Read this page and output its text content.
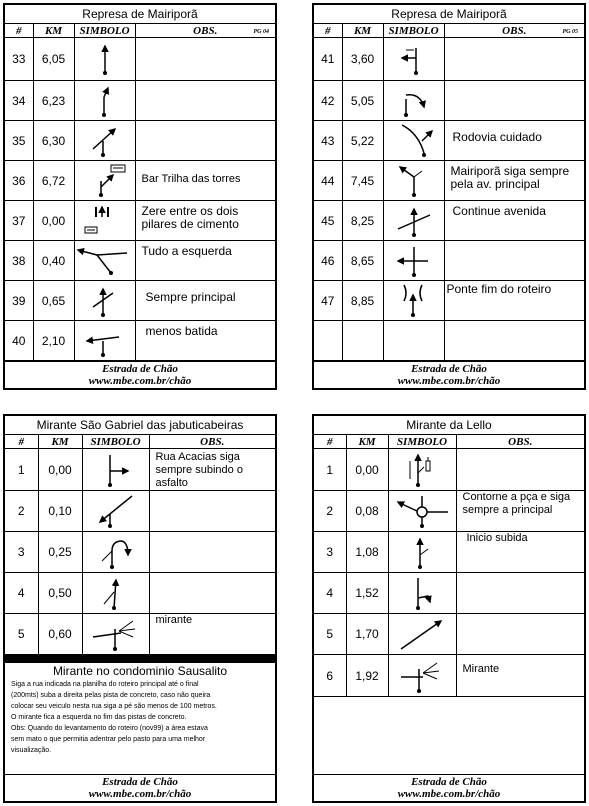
Represa de Mairiporã
#	KM	SIMBOLO	OBS. PG 04

33	6,05	

34	6,23	

35	6,30	

36	6,72		Bar Trilha das torres
37	0,00		Zere entre os dois pilares de cimento
38	0,40		Tudo a esquerda
39	0,65		Sempre principal
40	2,10		menos batida
Estrada de Chão
www.mbe.com.br/chão
Represa de Mairiporã
#	KM	SIMBOLO	OBS. PG 05

41	3,60	

42	5,05	

43	5,22		Rodovia cuidado
44	7,45		Mairiporã siga sempre pela av. principal
45	8,25		Continue avenida
46	8,65	

47	8,85		Ponte fim do roteiro

Estrada de Chão
www.mbe.com.br/chão
Mirante São Gabriel das jabuticabeiras
#	KM	SIMBOLO	OBS.
1	0,00		Rua Acacias siga sempre subindo o asfalto
2	0,10	

3	0,25	

4	0,50	

5	0,60		mirante
Mirante no condominio Sausalito
Siga a rua indicada na planilha do roteiro principal até o final
(200mts) suba a direita pelas pista de concreto, caso não queira
colocar seu veiculo nesta rua siga a pé são menos de 100 metros.
O mirante fica a esquerda no fim das pistas de concreto.
Obs: Quando do levantamento do roteiro (nov99) a área estava
sem mato o que permitia adentrar pelo pasto para uma melhor
visualização.
Estrada de Chão
www.mbe.com.br/chão
Mirante da Lello
#	KM	SIMBOLO	OBS.
1	0,00	

2	0,08		Contorne a pça e siga sempre a principal
3	1,08		Inicio subida
4	1,52	

5	1,70	

6	1,92		Mirante
Estrada de Chão
www.mbe.com.br/chão
